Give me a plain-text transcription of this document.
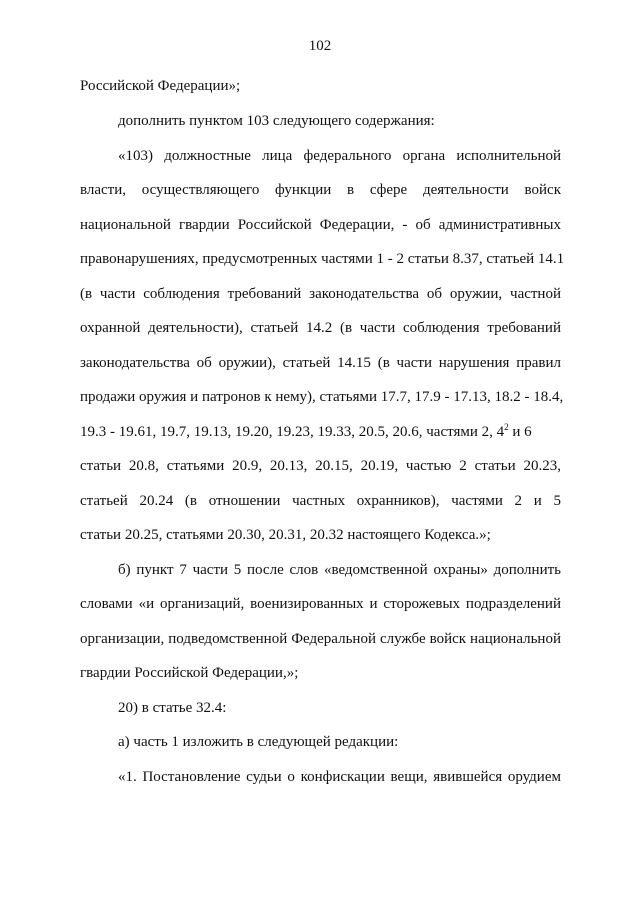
102
Российской Федерации»;
дополнить пунктом 103 следующего содержания:
«103) должностные лица федерального органа исполнительной
власти, осуществляющего функции в сфере деятельности войск
национальной гвардии Российской Федерации, - об административных
правонарушениях, предусмотренных частями 1 - 2 статьи 8.37, статьей 14.1
(в части соблюдения требований законодательства об оружии, частной
охранной деятельности), статьей 14.2 (в части соблюдения требований
законодательства об оружии), статьей 14.15 (в части нарушения правил
продажи оружия и патронов к нему), статьями 17.7, 17.9 - 17.13, 18.2 - 18.4,
19.3 - 19.61, 19.7, 19.13, 19.20, 19.23, 19.33, 20.5, 20.6, частями 2, $4^2$ и 6
статьи 20.8, статьями 20.9, 20.13, 20.15, 20.19, частью 2 статьи 20.23,
статьей 20.24 (в отношении частных охранников), частями 2 и 5
статьи 20.25, статьями 20.30, 20.31, 20.32 настоящего Кодекса.»;
б) пункт 7 части 5 после слов «ведомственной охраны» дополнить
словами «и организаций, военизированных и сторожевых подразделений
организации, подведомственной Федеральной службе войск национальной
гвардии Российской Федерации,»;
20) в статье 32.4:
а) часть 1 изложить в следующей редакции:
«1. Постановление судьи о конфискации вещи, явившейся орудием
